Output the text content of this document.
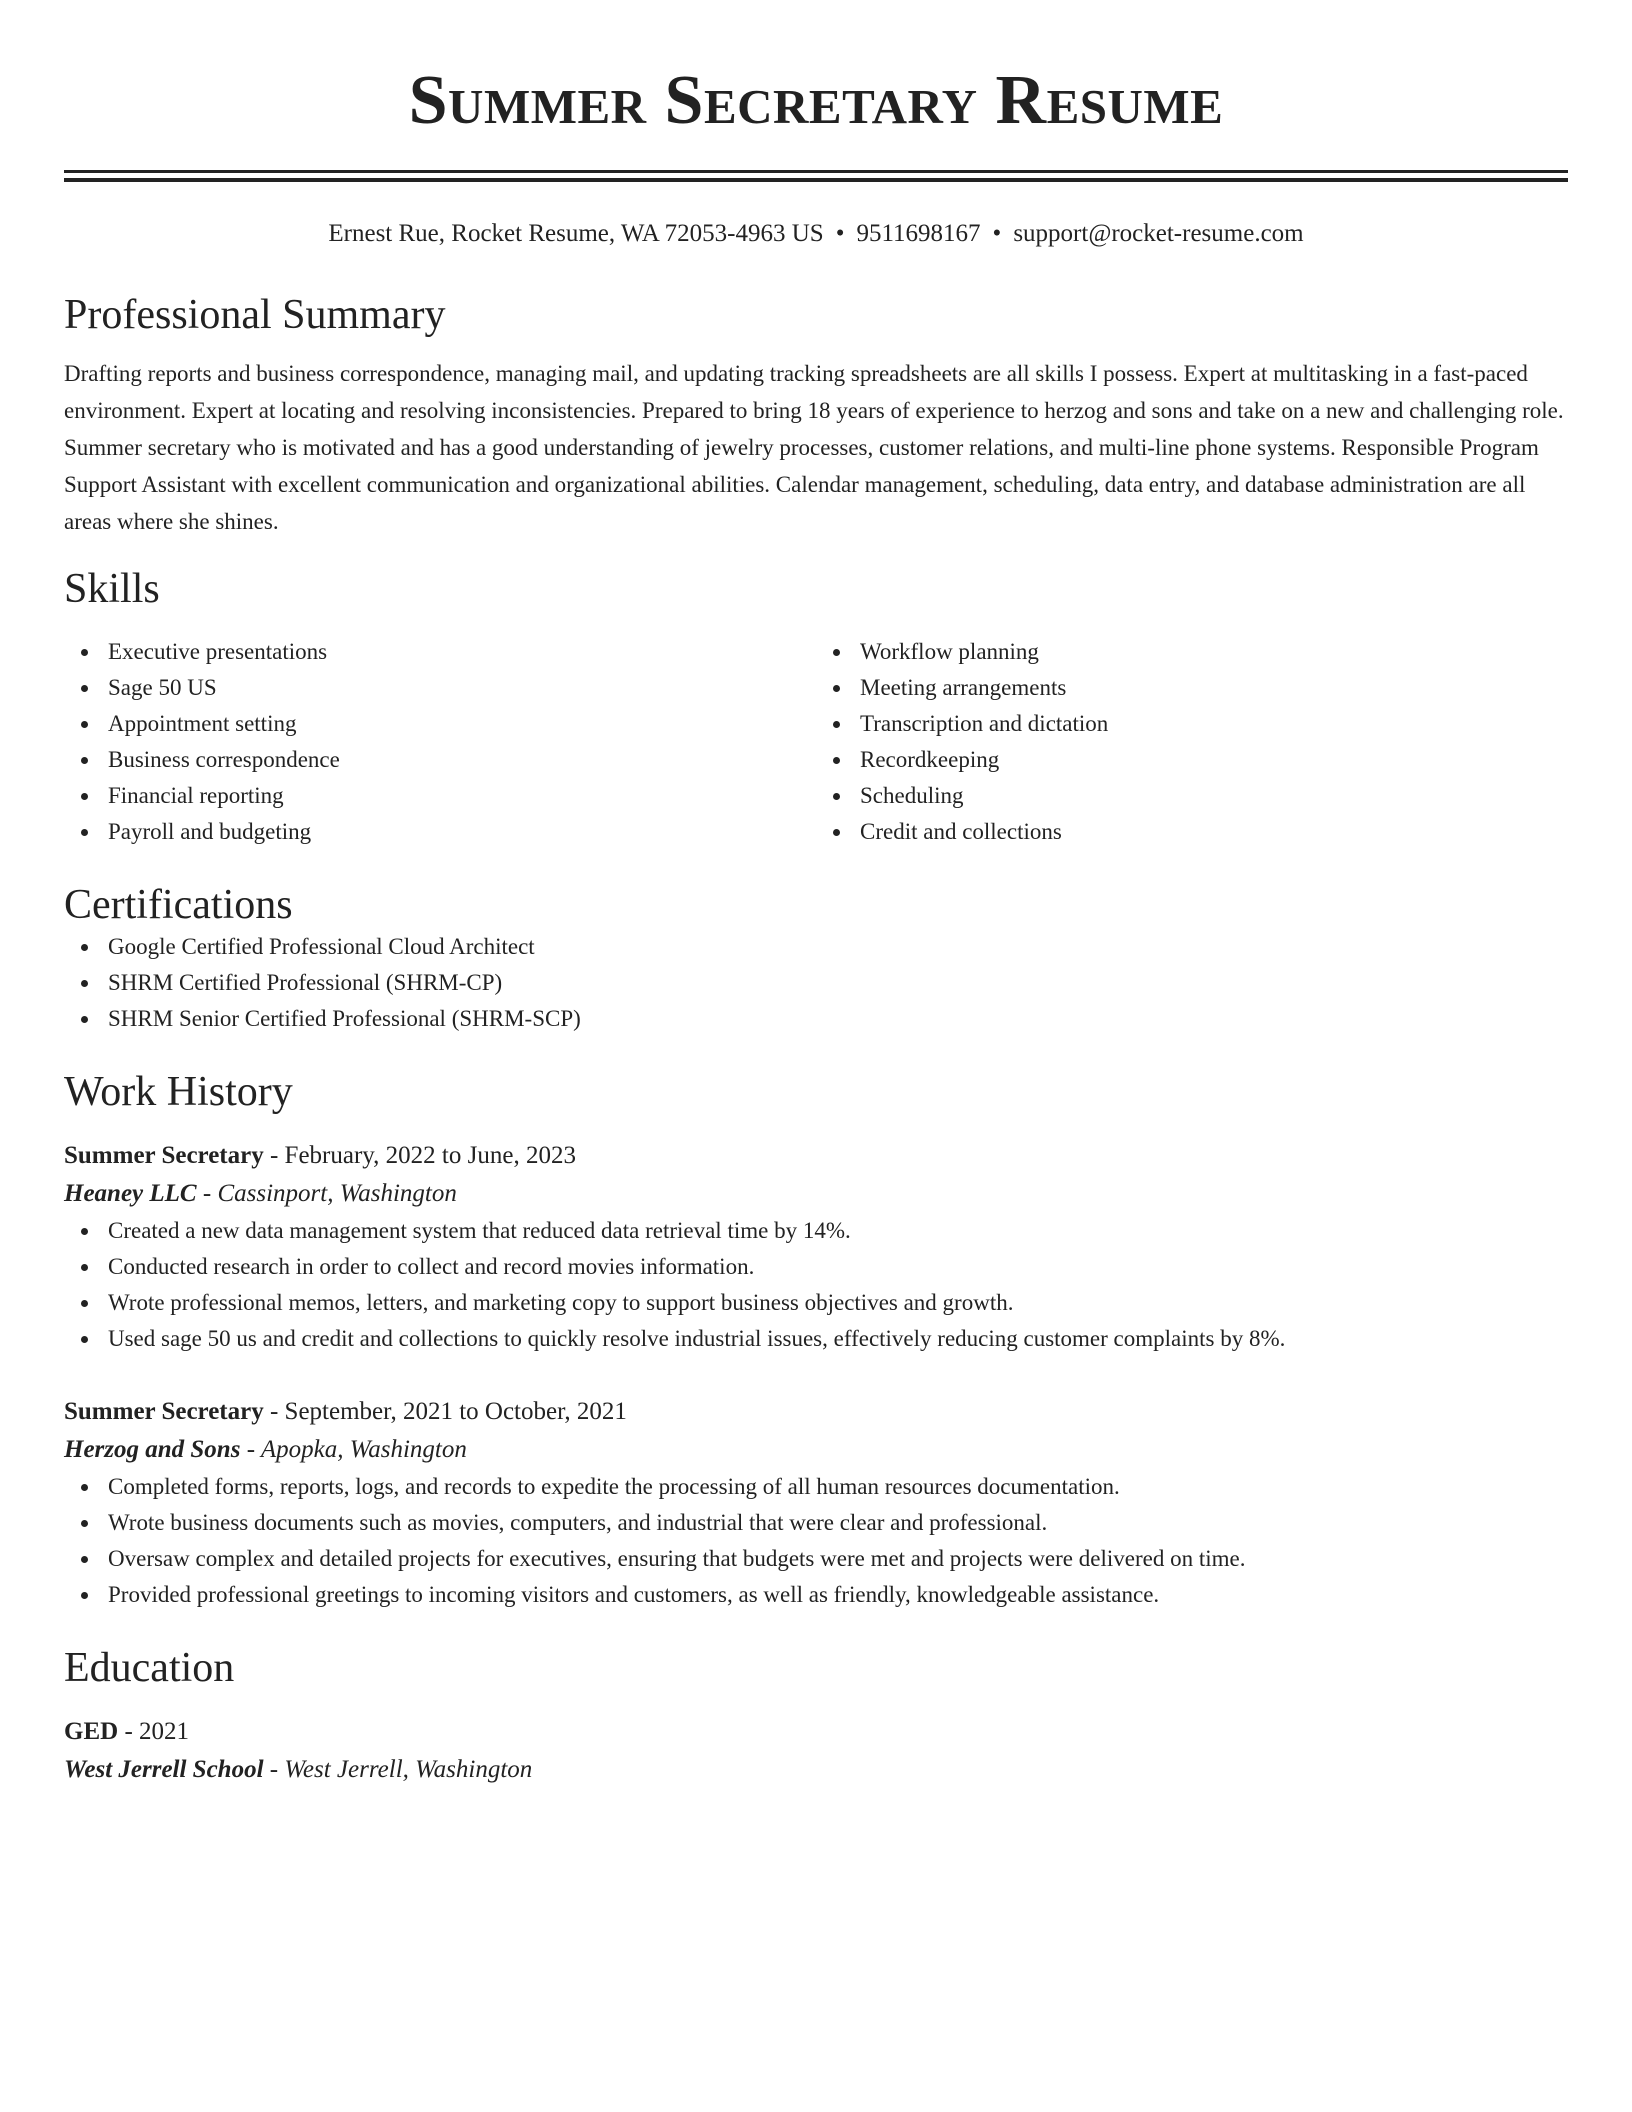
Summer Secretary Resume
Ernest Rue, Rocket Resume, WA 72053-4963 US • 9511698167 • support@rocket-resume.com
Professional Summary
Drafting reports and business correspondence, managing mail, and updating tracking spreadsheets are all skills I possess. Expert at multitasking in a fast-paced environment. Expert at locating and resolving inconsistencies. Prepared to bring 18 years of experience to herzog and sons and take on a new and challenging role. Summer secretary who is motivated and has a good understanding of jewelry processes, customer relations, and multi-line phone systems. Responsible Program Support Assistant with excellent communication and organizational abilities. Calendar management, scheduling, data entry, and database administration are all areas where she shines.
Skills
Executive presentations
Sage 50 US
Appointment setting
Business correspondence
Financial reporting
Payroll and budgeting
Workflow planning
Meeting arrangements
Transcription and dictation
Recordkeeping
Scheduling
Credit and collections
Certifications
Google Certified Professional Cloud Architect
SHRM Certified Professional (SHRM-CP)
SHRM Senior Certified Professional (SHRM-SCP)
Work History
Summer Secretary - February, 2022 to June, 2023
Heaney LLC - Cassinport, Washington
Created a new data management system that reduced data retrieval time by 14%.
Conducted research in order to collect and record movies information.
Wrote professional memos, letters, and marketing copy to support business objectives and growth.
Used sage 50 us and credit and collections to quickly resolve industrial issues, effectively reducing customer complaints by 8%.
Summer Secretary - September, 2021 to October, 2021
Herzog and Sons - Apopka, Washington
Completed forms, reports, logs, and records to expedite the processing of all human resources documentation.
Wrote business documents such as movies, computers, and industrial that were clear and professional.
Oversaw complex and detailed projects for executives, ensuring that budgets were met and projects were delivered on time.
Provided professional greetings to incoming visitors and customers, as well as friendly, knowledgeable assistance.
Education
GED - 2021
West Jerrell School - West Jerrell, Washington
